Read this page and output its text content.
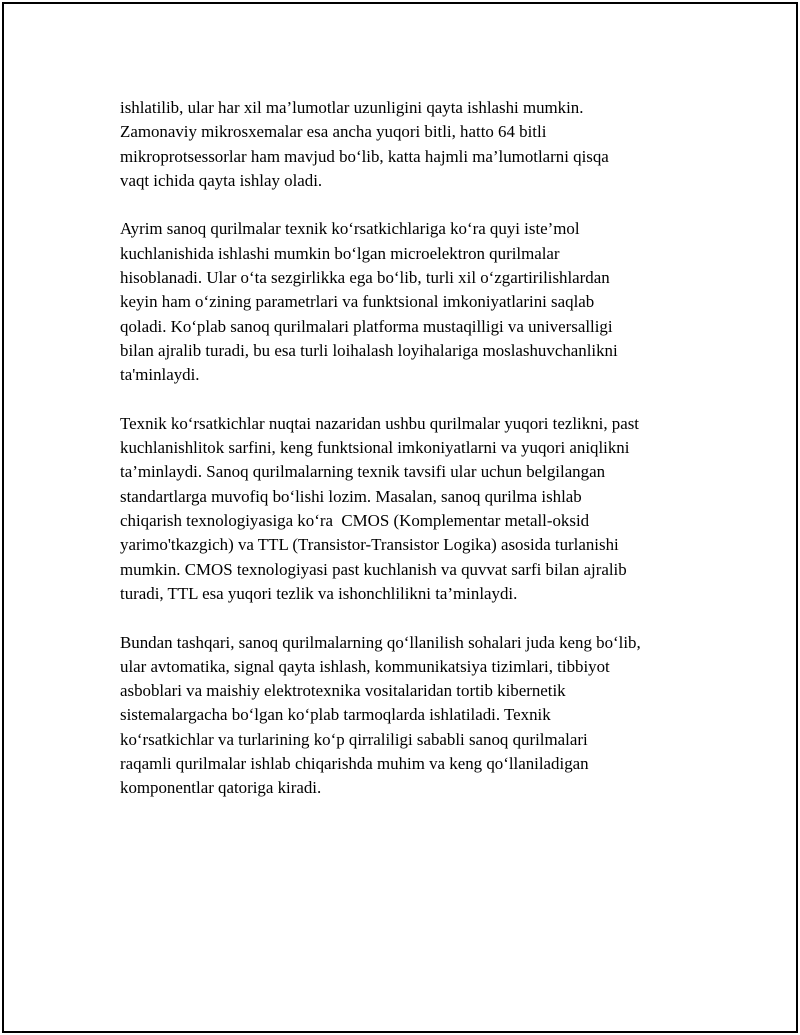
ishlatilib, ular har xil ma’lumotlar uzunligini qayta ishlashi mumkin.
Zamonaviy mikrosxemalar esa ancha yuqori bitli, hatto 64 bitli
mikroprotsessorlar ham mavjud bo‘lib, katta hajmli ma’lumotlarni qisqa
vaqt ichida qayta ishlay oladi.

Ayrim sanoq qurilmalar texnik ko‘rsatkichlariga ko‘ra quyi iste’mol
kuchlanishida ishlashi mumkin bo‘lgan microelektron qurilmalar
hisoblanadi. Ular o‘ta sezgirlikka ega bo‘lib, turli xil o‘zgartirilishlardan
keyin ham o‘zining parametrlari va funktsional imkoniyatlarini saqlab
qoladi. Ko‘plab sanoq qurilmalari platforma mustaqilligi va universalligi
bilan ajralib turadi, bu esa turli loihalash loyihalariga moslashuvchanlikni
ta'minlaydi.

Texnik ko‘rsatkichlar nuqtai nazaridan ushbu qurilmalar yuqori tezlikni, past
kuchlanishlitok sarfini, keng funktsional imkoniyatlarni va yuqori aniqlikni
ta’minlaydi. Sanoq qurilmalarning texnik tavsifi ular uchun belgilangan
standartlarga muvofiq bo‘lishi lozim. Masalan, sanoq qurilma ishlab
chiqarish texnologiyasiga ko‘ra  CMOS (Komplementar metall-oksid
yarimo'tkazgich) va TTL (Transistor-Transistor Logika) asosida turlanishi
mumkin. CMOS texnologiyasi past kuchlanish va quvvat sarfi bilan ajralib
turadi, TTL esa yuqori tezlik va ishonchlilikni ta’minlaydi.

Bundan tashqari, sanoq qurilmalarning qo‘llanilish sohalari juda keng bo‘lib,
ular avtomatika, signal qayta ishlash, kommunikatsiya tizimlari, tibbiyot
asboblari va maishiy elektrotexnika vositalaridan tortib kibernetik
sistemalargacha bo‘lgan ko‘plab tarmoqlarda ishlatiladi. Texnik
ko‘rsatkichlar va turlarining ko‘p qirraliligi sababli sanoq qurilmalari
raqamli qurilmalar ishlab chiqarishda muhim va keng qo‘llaniladigan
komponentlar qatoriga kiradi.
